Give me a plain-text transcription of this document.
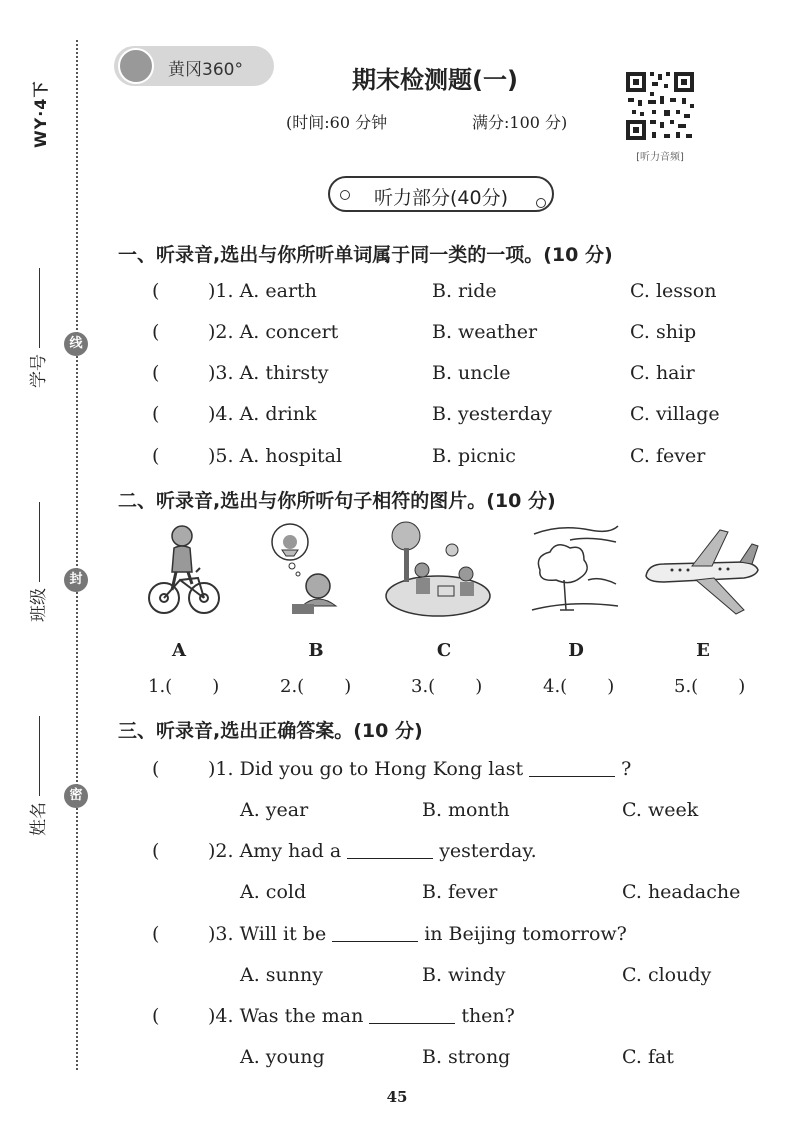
WY·4下
学号
班级
姓名
线
封
密
黄冈360°	期末检测题(一)
(时间:60 分钟	满分:100 分)
[听力音频]
听力部分(40分)
一、听录音,选出与你所听单词属于同一类的一项。(10 分)
(	)1. A. earth	B. ride	C. lesson
(	)2. A. concert	B. weather	C. ship
(	)3. A. thirsty	B. uncle	C. hair
(	)4. A. drink	B. yesterday	C. village
(	)5. A. hospital	B. picnic	C. fever
二、听录音,选出与你所听句子相符的图片。(10 分)
A	B	C	D	E
1.( )	2.( )	3.( )	4.( )	5.( )
三、听录音,选出正确答案。(10 分)
(	)1. Did you go to Hong Kong last	?
A. year	B. month	C. week
(	)2. Amy had a	yesterday.
A. cold	B. fever	C. headache
(	)3. Will it be	in Beijing tomorrow?
A. sunny	B. windy	C. cloudy
(	)4. Was the man	then?
A. young	B. strong	C. fat
45
